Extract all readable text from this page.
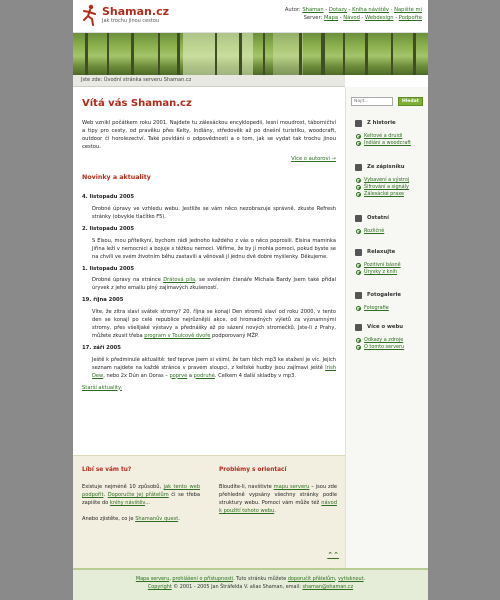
Shaman.cz
Jak trochu jinou cestou
Autor: Shaman - Dotazy - Kniha návštěv - Napište mi
Server: Mapa - Návod - Webdesign - Podpořte
Jste zde: Úvodní stránka serveru Shaman.cz
Vítá vás Shaman.cz

Web vznikl počátkem roku 2001. Najdete tu zálesáckou encyklopedii, lesní moudrost, táborničtví a tipy pro cesty, od pravěku přes Kelty, Indiány, středověk až po dnešní turistiku, woodcraft, outdoor či horolezectví. Také povídání o odpovědnosti a o tom, jak se vydat tak trochu jinou cestou.

Více o autorovi →
Novinky a aktuality
4. listopadu 2005
Drobné úpravy ve vzhledu webu. Jestliže se vám něco nezobrazuje správně, zkuste Refresh stránky (obvykle tlačítko F5).
2. listopadu 2005
S Elsou, mou přítelkyní, bychom rádi jednoho každého z vás o něco poprosili. Elsina maminka Jiřina leží v nemocnici a bojuje s těžkou nemocí. Věříme, že by jí mohla pomoci, pokud byste se na chvíli ve svém životním běhu zastavili a věnovali jí jednu dvě dobré myšlenky. Děkujeme.
1. listopadu 2005
Drobné úpravy na stránce Drátová píla, se svolením čtenáře Michala Bardy jsem také přidal úryvek z jeho emailu plný zajímavých zkušeností.
19. října 2005
Víte, že zítra slaví svátek stromy? 20. října se konají Den stromů slaví od roku 2000, v tento den se konají po celé republice nejrůznější akce, od hromadných výletů za významnými stromy, přes všelijaké výstavy a přednášky až po sázení nových stromečků. Jste-li z Prahy, můžete zkusit třeba program v Toulcově dvoře podporovaný MŽP.
17. září 2005
Ještě k předminulé aktualitě: teď teprve jsem si všiml, že tam těch mp3 ke stažení je víc. Jejich seznam najdete na každé stránce v pravém sloupci, z keltské hudby jsou zajímaví ještě Irish Dew, nebo 2x Dún an Ooras – poprvé a podruhé. Celkem 4 další skladby v mp3.
Starší aktuality.
Líbí se vám tu?
Existuje nejméně 10 způsobů, jak tento web podpořit. Doporučte jej přátelům či se třeba zapište do knihy návštěv...
Anebo zjistěte, co je Shamanův quest.
Problémy s orientací
Bloudíte-li, navštivte mapu serveru – jsou zde přehledně vypsány všechny stránky podle struktury webu. Pomoci vám může též návod k použití tohoto webu.
⌃⌃
Najít...
Hledat
Z historie
Keltové a druidi
Indiáni a woodcraft
Ze zápisníku
Vybavení a výstroj
Šifrování a signály
Zálesácké praxe
Ostatní
Rozličné
Relaxujte
Pozitivní básně
Úryvky z knih
Fotogalerie
Fotografie
Více o webu
Odkazy a zdroje
O tomto serveru
Mapa serveru, prohlášení o přístupnosti. Tuto stránku můžete doporučit přátelům, vytisknout.
Copyright © 2001 - 2005 Jan Štráfelda V. alias Shaman, email: shaman@shaman.cz
